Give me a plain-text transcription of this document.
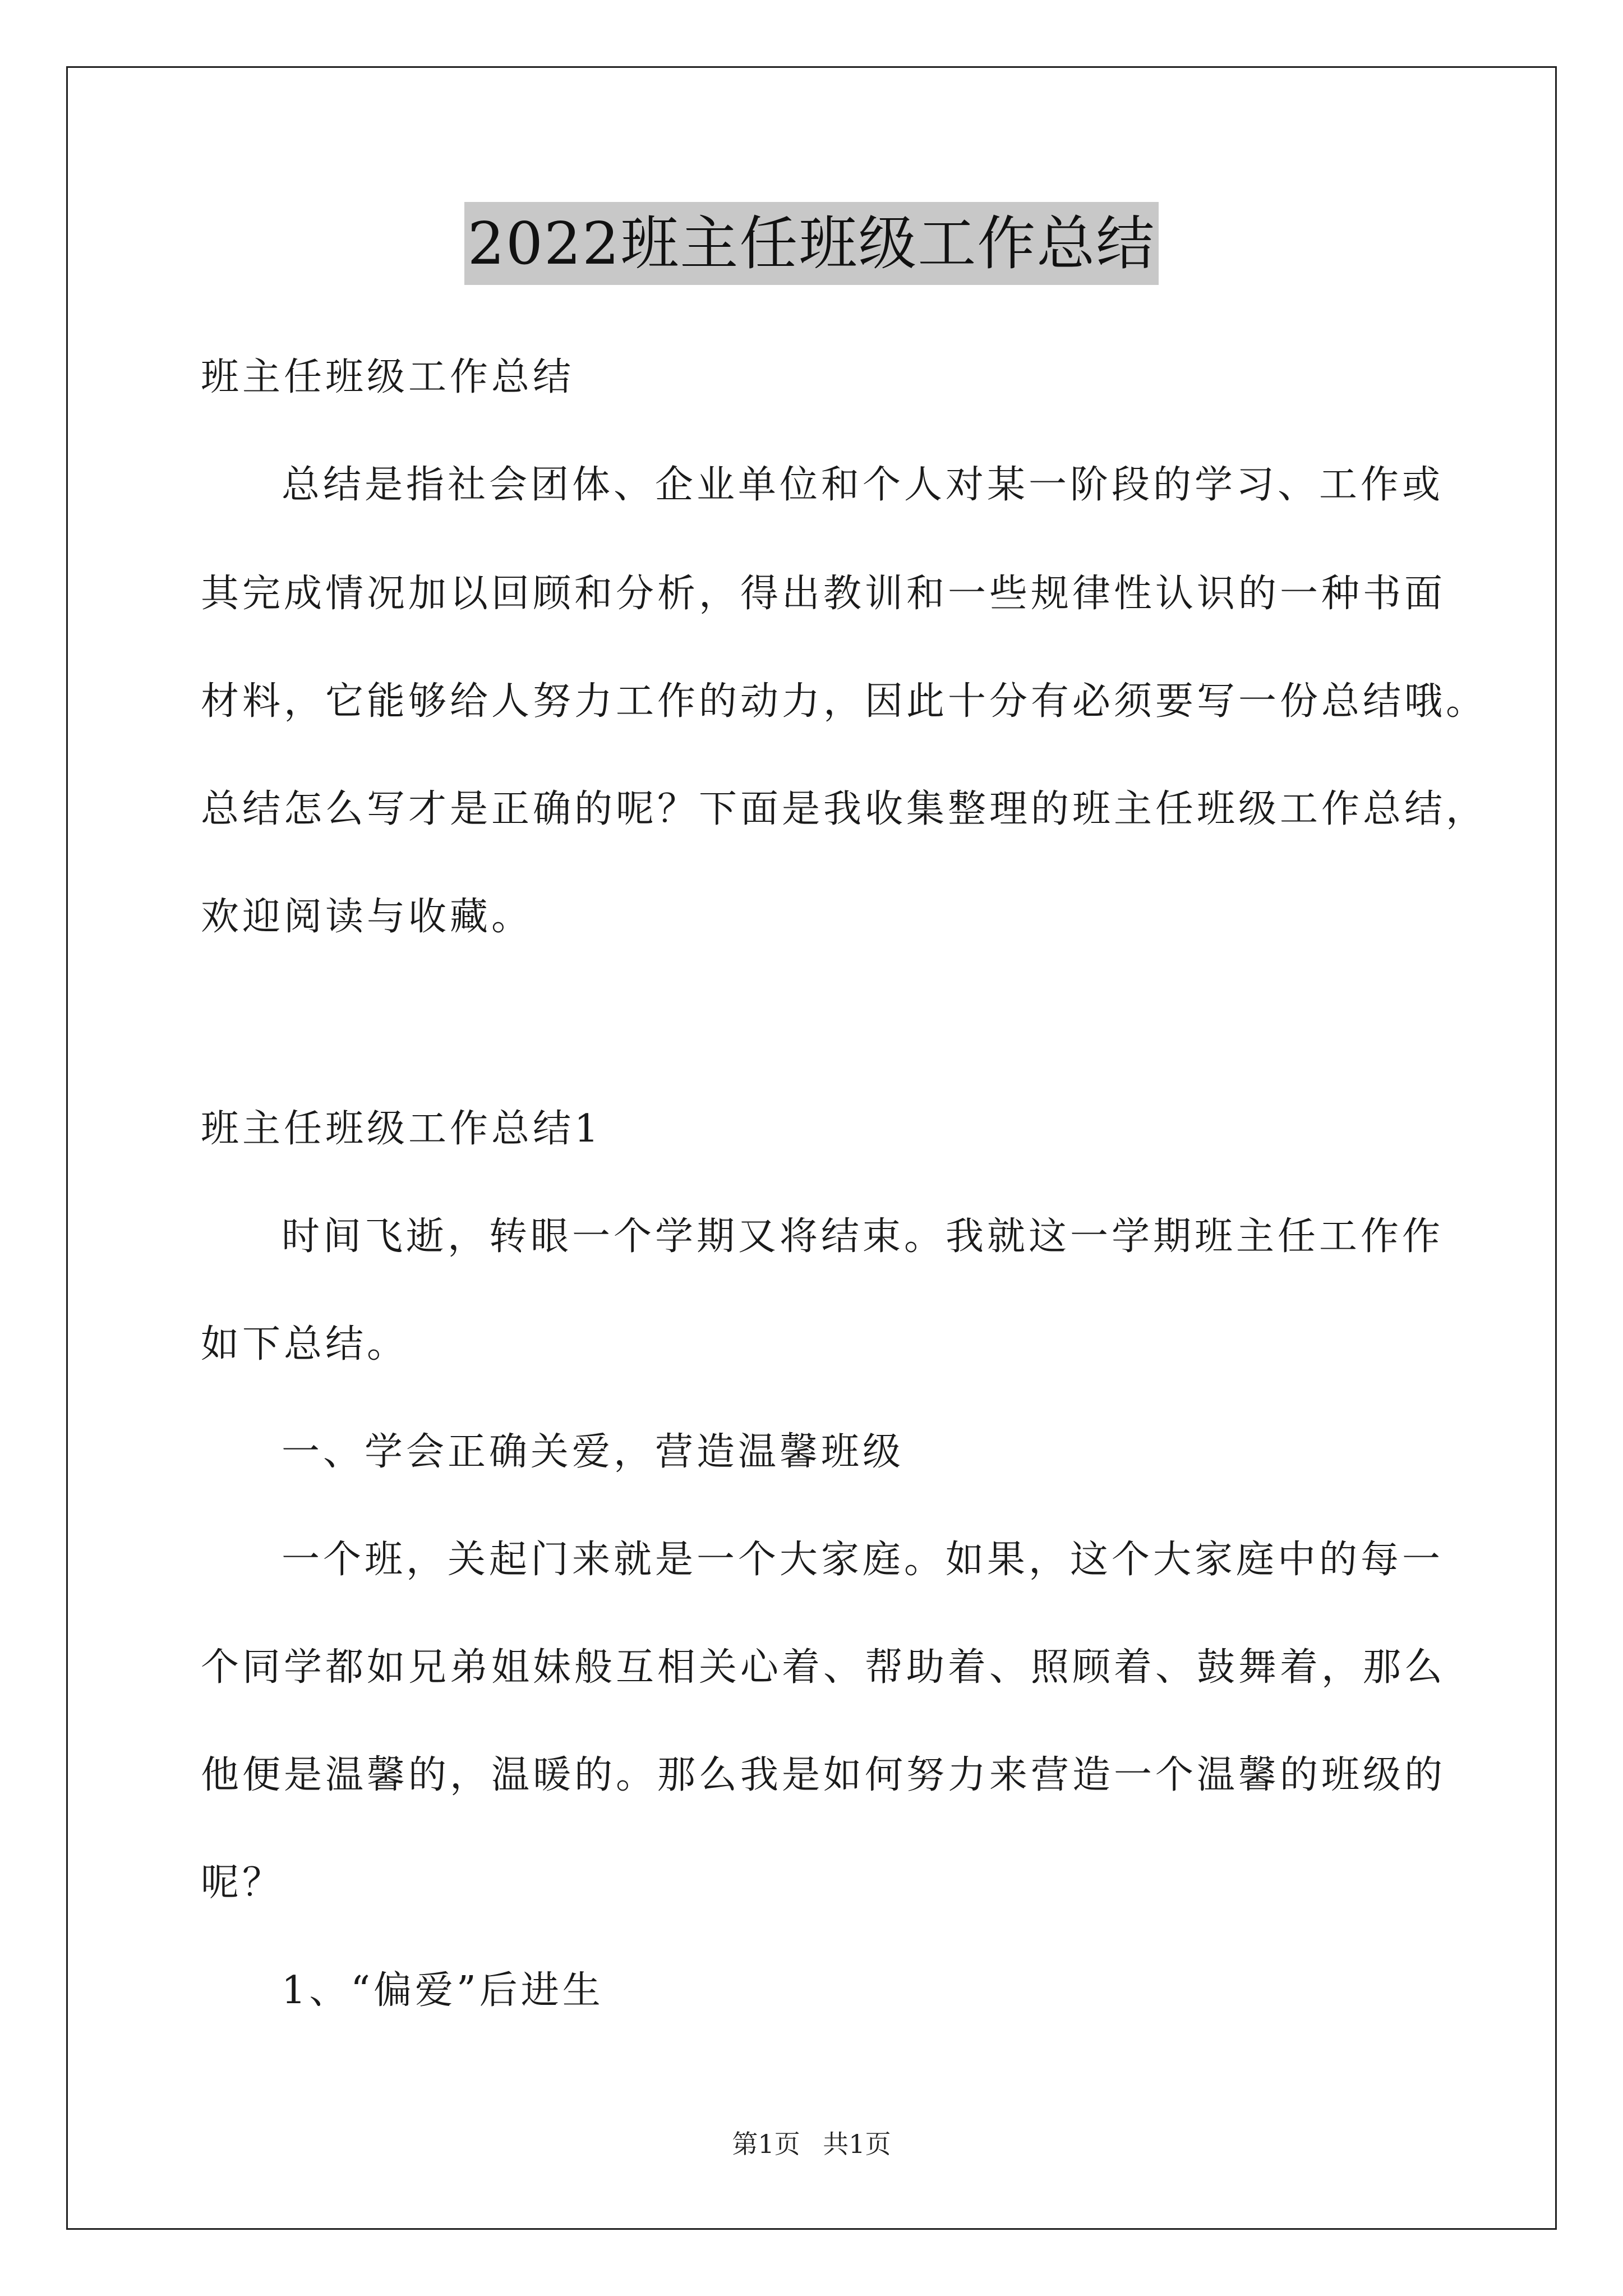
2022班主任班级工作总结
班主任班级工作总结
总结是指社会团体、企业单位和个人对某一阶段的学习、工作或
其完成情况加以回顾和分析，得出教训和一些规律性认识的一种书面
材料，它能够给人努力工作的动力，因此十分有必须要写一份总结哦。
总结怎么写才是正确的呢？下面是我收集整理的班主任班级工作总结，
欢迎阅读与收藏。
班主任班级工作总结1
时间飞逝，转眼一个学期又将结束。我就这一学期班主任工作作
如下总结。
一、学会正确关爱，营造温馨班级
一个班，关起门来就是一个大家庭。如果，这个大家庭中的每一
个同学都如兄弟姐妹般互相关心着、帮助着、照顾着、鼓舞着，那么
他便是温馨的，温暖的。那么我是如何努力来营造一个温馨的班级的
呢？
1、“偏爱”后进生
第1页 共1页
